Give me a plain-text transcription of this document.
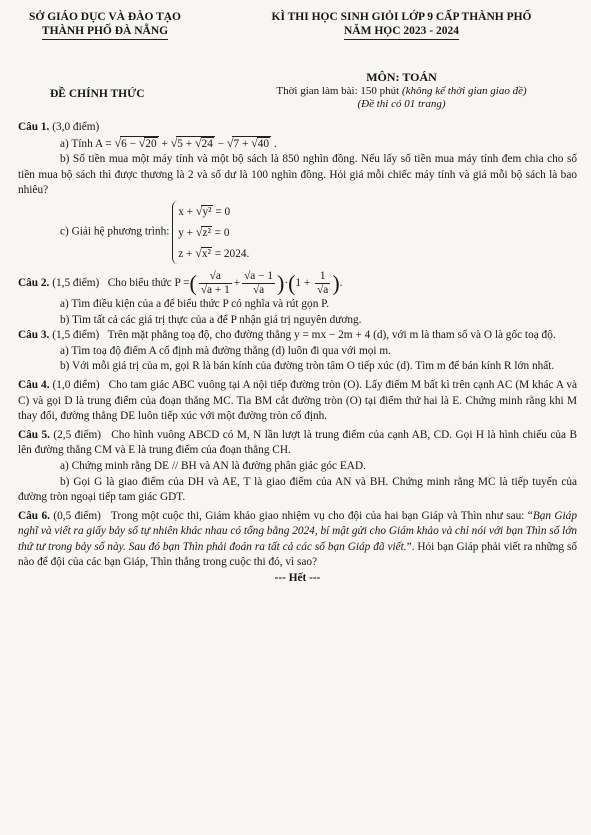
SỞ GIÁO DỤC VÀ ĐÀO TẠO
THÀNH PHỐ ĐÀ NẴNG
KÌ THI HỌC SINH GIỎI LỚP 9 CẤP THÀNH PHỐ
NĂM HỌC 2023 - 2024
ĐỀ CHÍNH THỨC
MÔN: TOÁN
Thời gian làm bài: 150 phút (không kể thời gian giao đề)
(Đề thi có 01 trang)

Câu 1. (3,0 điểm)

a) Tính A = √6 − √20 + √5 + √24 − √7 + √40 .

b) Số tiền mua một máy tính và một bộ sách là 850 nghìn đồng. Nếu lấy số tiền mua máy tính đem chia cho số tiền mua bộ sách thì được thương là 2 và số dư là 100 nghìn đồng. Hỏi giá mỗi chiếc máy tính và giá mỗi bộ sách là bao nhiêu?

c) Giải hệ phương trình: x + √y² = 0
y + √z² = 0
z + √x² = 2024.

Câu 2. (1,5 điểm) Cho biểu thức P =( $\frac{√a}{√a + 1} + \frac{√a - 1}{√a} )\cdot(1 + \frac{1}{√a}$ ).

a) Tìm điều kiện của a để biểu thức P có nghĩa và rút gọn P.

b) Tìm tất cả các giá trị thực của a để P nhận giá trị nguyên dương.

Câu 3. (1,5 điểm) Trên mặt phẳng toạ độ, cho đường thẳng y = mx − 2m + 4 (d), với m là tham số và O là gốc toạ độ.

a) Tìm toạ độ điểm A cố định mà đường thẳng (d) luôn đi qua với mọi m.

b) Với mỗi giá trị của m, gọi R là bán kính của đường tròn tâm O tiếp xúc (d). Tìm m để bán kính R lớn nhất.

Câu 4. (1,0 điểm) Cho tam giác ABC vuông tại A nội tiếp đường tròn (O). Lấy điểm M bất kì trên cạnh AC (M khác A và C) và gọi D là trung điểm của đoạn thẳng MC. Tia BM cắt đường tròn (O) tại điểm thứ hai là E. Chứng minh rằng khi M thay đổi, đường thẳng DE luôn tiếp xúc với một đường tròn cố định.

Câu 5. (2,5 điểm) Cho hình vuông ABCD có M, N lần lượt là trung điểm của cạnh AB, CD. Gọi H là hình chiếu của B lên đường thẳng CM và E là trung điểm của đoạn thẳng CH.

a) Chứng minh rằng DE // BH và AN là đường phân giác góc EAD.

b) Gọi G là giao điểm của DH và AE, T là giao điểm của AN và BH. Chứng minh rằng MC là tiếp tuyến của đường tròn ngoại tiếp tam giác GDT.

Câu 6. (0,5 điểm) Trong một cuộc thi, Giám khảo giao nhiệm vụ cho đội của hai bạn Giáp và Thìn như sau: “Bạn Giáp nghĩ và viết ra giấy bảy số tự nhiên khác nhau có tổng bằng 2024, bí mật gửi cho Giám khảo và chỉ nói với bạn Thìn số lớn thứ tư trong bảy số này. Sau đó bạn Thìn phải đoán ra tất cả các số bạn Giáp đã viết.”. Hỏi bạn Giáp phải viết ra những số nào để đội của các bạn Giáp, Thìn thắng trong cuộc thi đó, vì sao?

--- Hết ---
